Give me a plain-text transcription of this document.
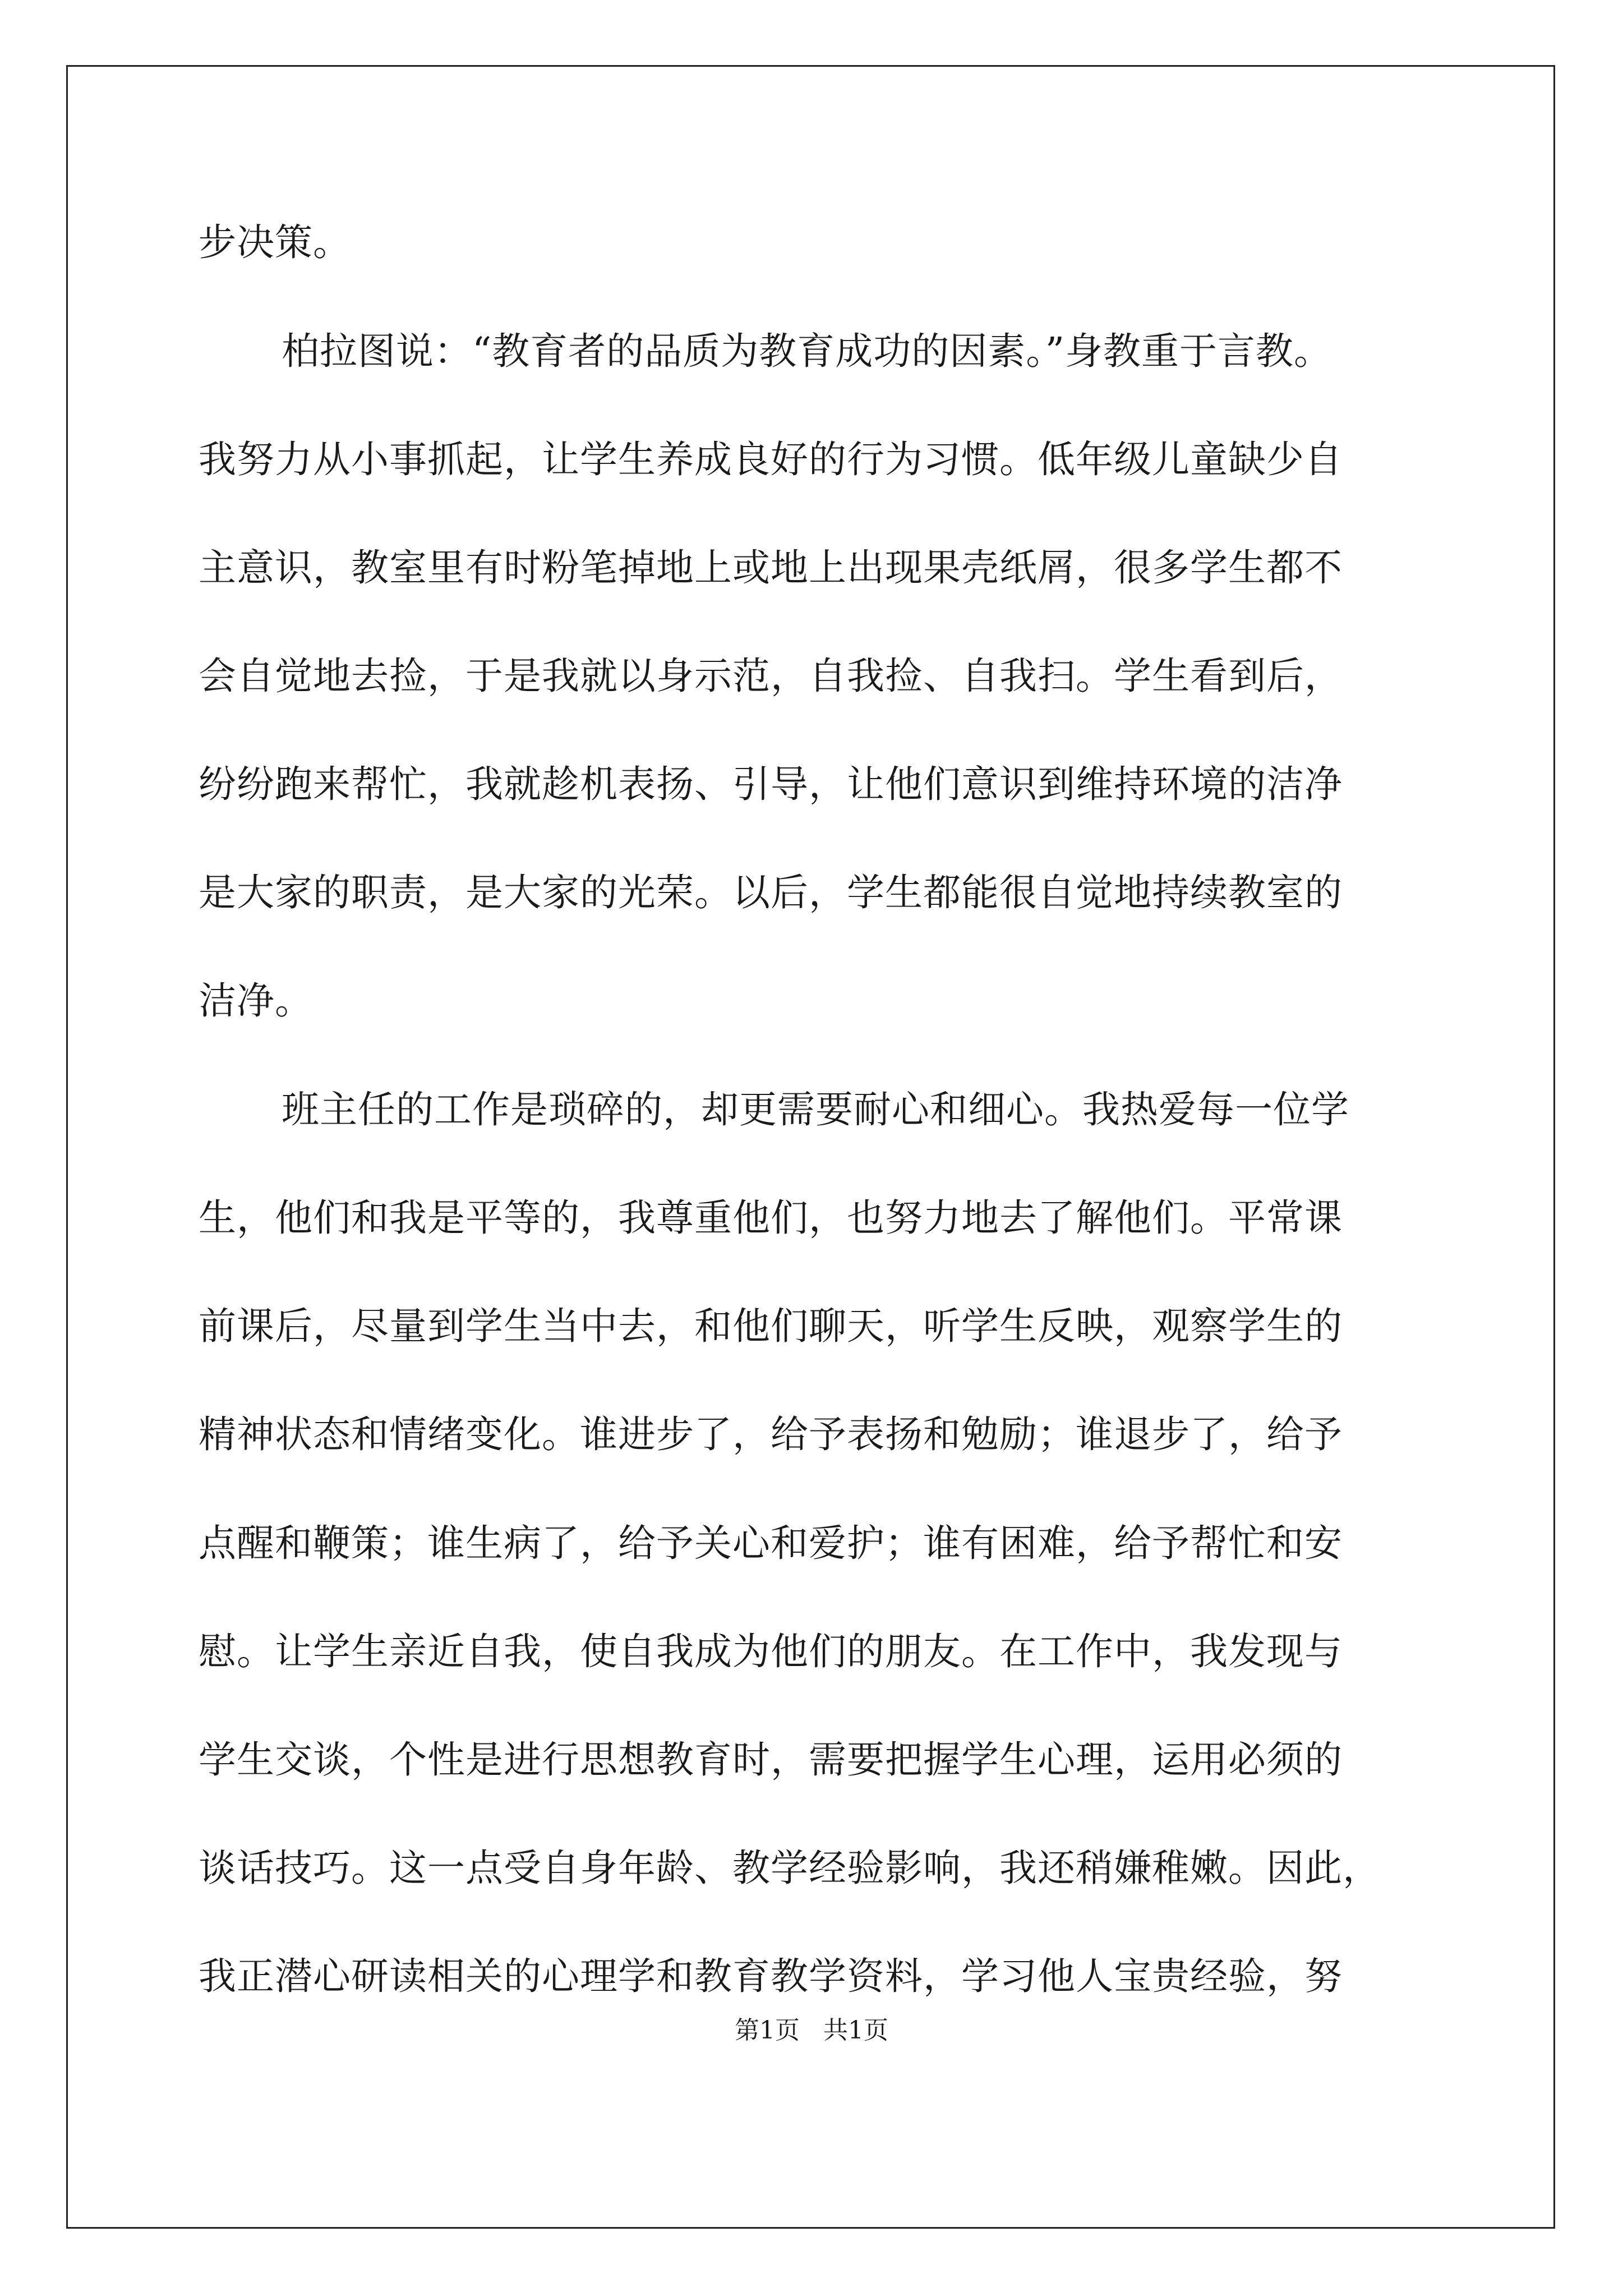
步决策。
柏拉图说：“教育者的品质为教育成功的因素。”身教重于言教。
我努力从小事抓起，让学生养成良好的行为习惯。低年级儿童缺少自
主意识，教室里有时粉笔掉地上或地上出现果壳纸屑，很多学生都不
会自觉地去捡，于是我就以身示范，自我捡、自我扫。学生看到后，
纷纷跑来帮忙，我就趁机表扬、引导，让他们意识到维持环境的洁净
是大家的职责，是大家的光荣。以后，学生都能很自觉地持续教室的
洁净。
班主任的工作是琐碎的，却更需要耐心和细心。我热爱每一位学
生，他们和我是平等的，我尊重他们，也努力地去了解他们。平常课
前课后，尽量到学生当中去，和他们聊天，听学生反映，观察学生的
精神状态和情绪变化。谁进步了，给予表扬和勉励；谁退步了，给予
点醒和鞭策；谁生病了，给予关心和爱护；谁有困难，给予帮忙和安
慰。让学生亲近自我，使自我成为他们的朋友。在工作中，我发现与
学生交谈，个性是进行思想教育时，需要把握学生心理，运用必须的
谈话技巧。这一点受自身年龄、教学经验影响，我还稍嫌稚嫩。因此，
我正潜心研读相关的心理学和教育教学资料，学习他人宝贵经验，努
第1页   共1页
